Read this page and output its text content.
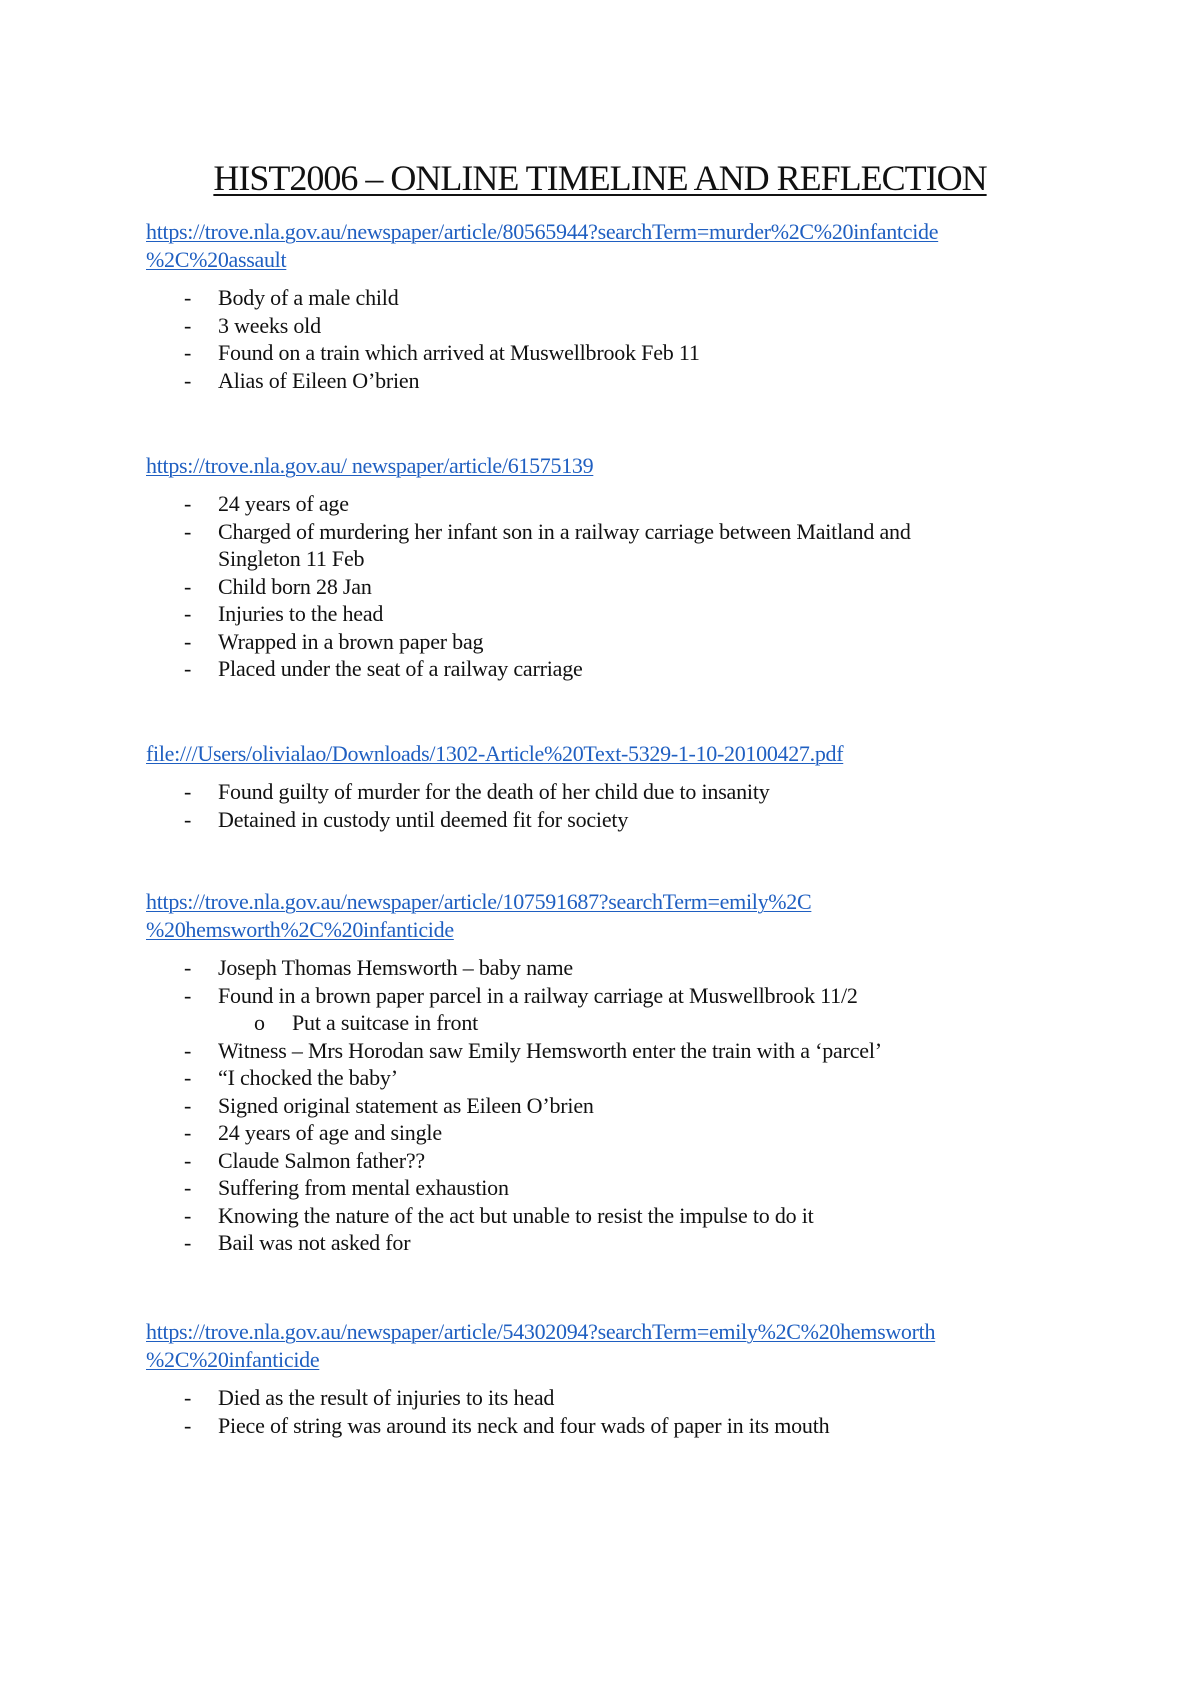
HIST2006 – ONLINE TIMELINE AND REFLECTION
https://trove.nla.gov.au/newspaper/article/80565944?searchTerm=murder%2C%20infantcide
%2C%20assault
- Body of a male child
- 3 weeks old
- Found on a train which arrived at Muswellbrook Feb 11
- Alias of Eileen O’brien
https://trove.nla.gov.au/ newspaper/article/61575139
- 24 years of age
- Charged of murdering her infant son in a railway carriage between Maitland and
Singleton 11 Feb
- Child born 28 Jan
- Injuries to the head
- Wrapped in a brown paper bag
- Placed under the seat of a railway carriage
file:///Users/olivialao/Downloads/1302-Article%20Text-5329-1-10-20100427.pdf
- Found guilty of murder for the death of her child due to insanity
- Detained in custody until deemed fit for society
https://trove.nla.gov.au/newspaper/article/107591687?searchTerm=emily%2C
%20hemsworth%2C%20infanticide
- Joseph Thomas Hemsworth – baby name
- Found in a brown paper parcel in a railway carriage at Muswellbrook 11/2
o Put a suitcase in front
- Witness – Mrs Horodan saw Emily Hemsworth enter the train with a ‘parcel’
- “I chocked the baby’
- Signed original statement as Eileen O’brien
- 24 years of age and single
- Claude Salmon father??
- Suffering from mental exhaustion
- Knowing the nature of the act but unable to resist the impulse to do it
- Bail was not asked for
https://trove.nla.gov.au/newspaper/article/54302094?searchTerm=emily%2C%20hemsworth
%2C%20infanticide
- Died as the result of injuries to its head
- Piece of string was around its neck and four wads of paper in its mouth
